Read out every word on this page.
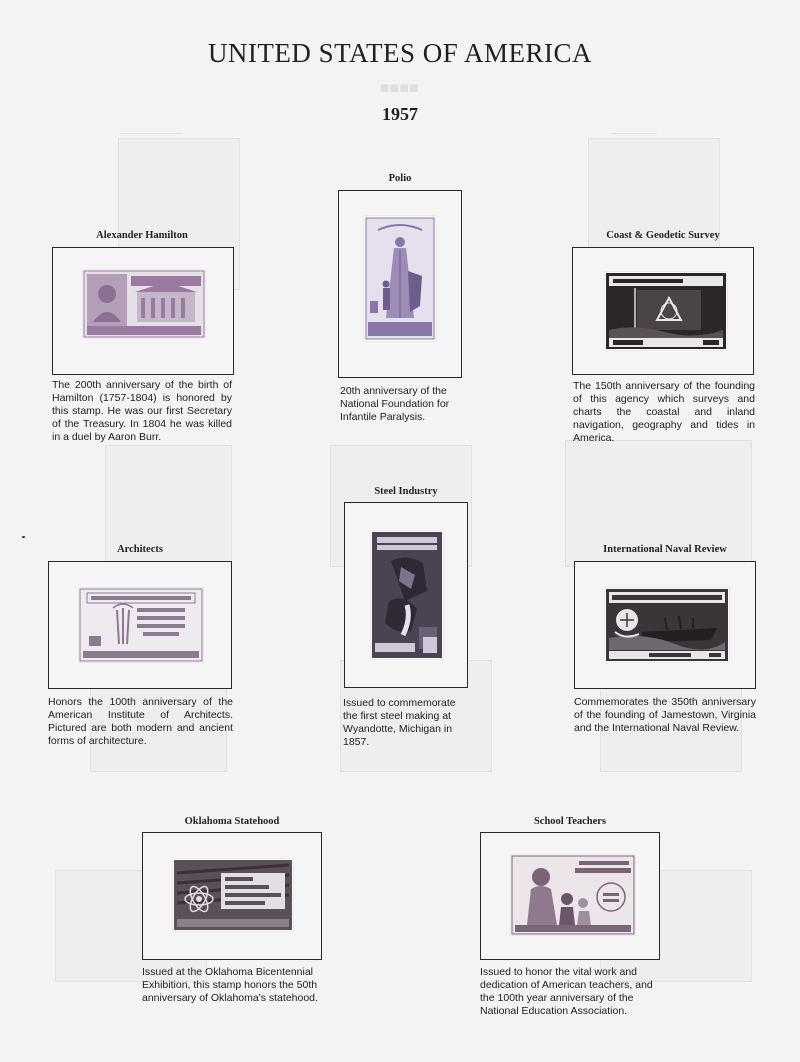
UNITED STATES OF AMERICA
1957
■■■■
────────	──────
Polio
20th anniversary of the National Foundation for Infantile Paralysis.
Alexander Hamilton
The 200th anniversary of the birth of Hamilton (1757-1804) is honored by this stamp. He was our first Secretary of the Treasury. In 1804 he was killed in a duel by Aaron Burr.
Coast & Geodetic Survey
The 150th anniversary of the founding of this agency which surveys and charts the coastal and inland navigation, geography and tides in America.
Steel Industry
Issued to commemorate the first steel making at Wyandotte, Michigan in 1857.
Architects
Honors the 100th anniversary of the American Institute of Architects. Pictured are both modern and ancient forms of architecture.
International Naval Review
Commemorates the 350th anniversary of the founding of Jamestown, Virginia and the International Naval Review.
Oklahoma Statehood
Issued at the Oklahoma Bicentennial Exhibition, this stamp honors the 50th anniversary of Oklahoma's statehood.
School Teachers
Issued to honor the vital work and dedication of American teachers, and the 100th year anniversary of the National Education Association.
